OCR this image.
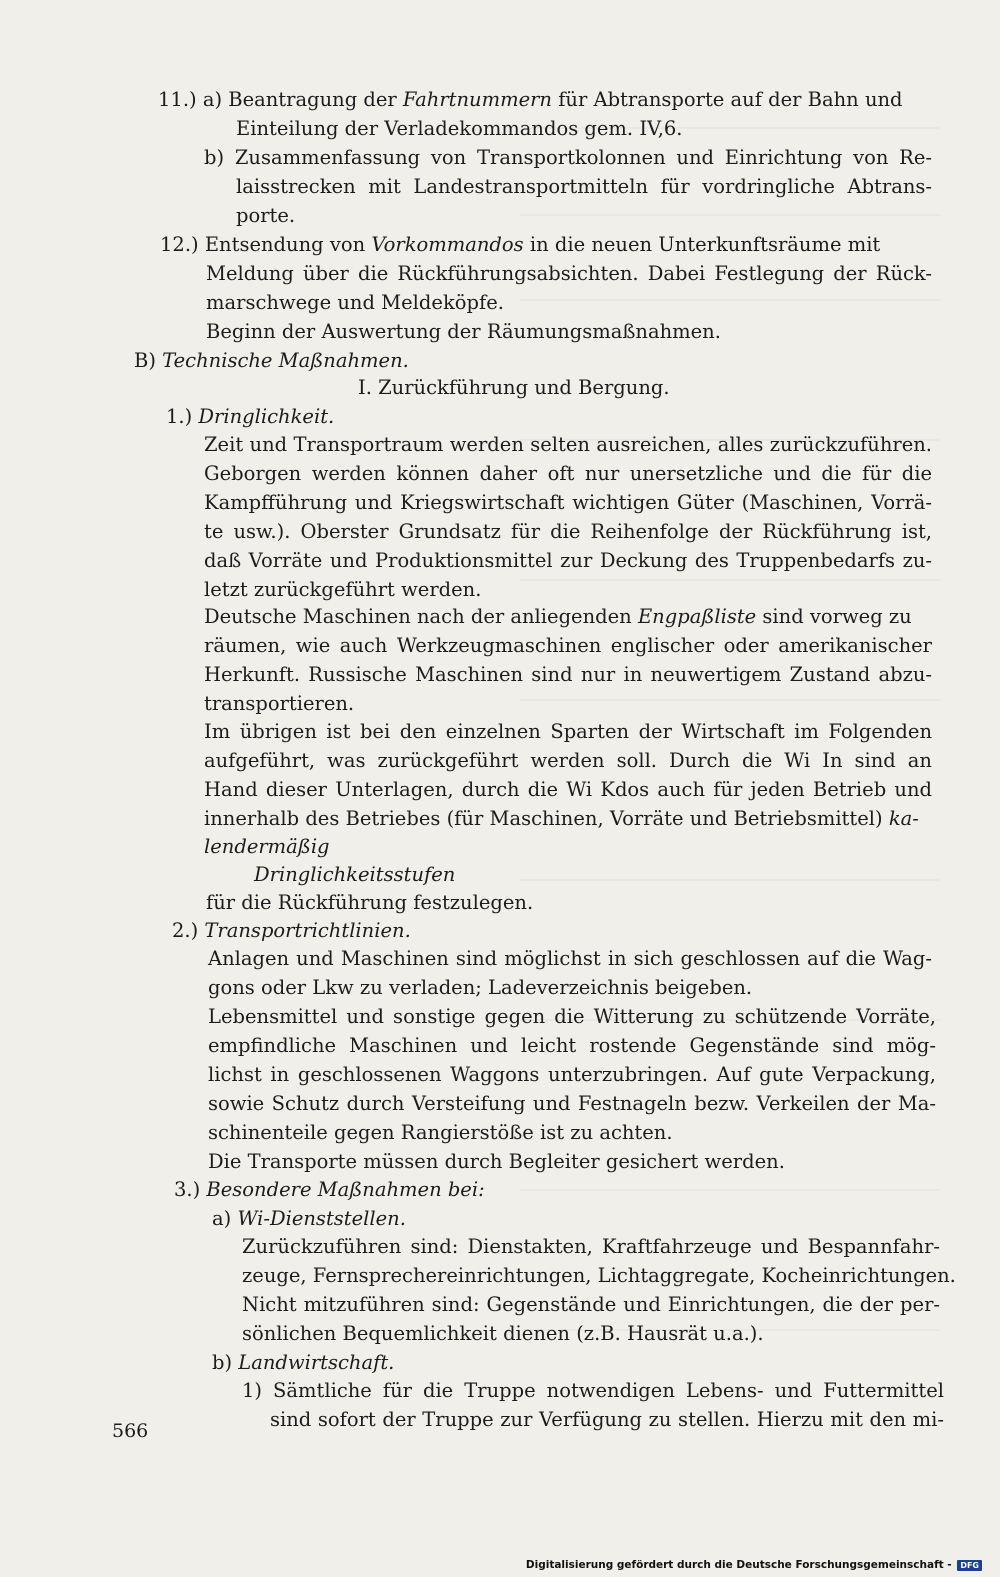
11.) a) Beantragung der Fahrtnummern für Abtransporte auf der Bahn und
Einteilung der Verladekommandos gem. IV,6.
b) Zusammenfassung von Transportkolonnen und Einrichtung von Re-
laisstrecken mit Landestransportmitteln für vordringliche Abtrans-
porte.
12.) Entsendung von Vorkommandos in die neuen Unterkunftsräume mit
Meldung über die Rückführungsabsichten. Dabei Festlegung der Rück-
marschwege und Meldeköpfe.
Beginn der Auswertung der Räumungsmaßnahmen.
B) Technische Maßnahmen.
I. Zurückführung und Bergung.
1.) Dringlichkeit.
Zeit und Transportraum werden selten ausreichen, alles zurückzuführen.
Geborgen werden können daher oft nur unersetzliche und die für die
Kampfführung und Kriegswirtschaft wichtigen Güter (Maschinen, Vorrä-
te usw.). Oberster Grundsatz für die Reihenfolge der Rückführung ist,
daß Vorräte und Produktionsmittel zur Deckung des Truppenbedarfs zu-
letzt zurückgeführt werden.
Deutsche Maschinen nach der anliegenden Engpaßliste sind vorweg zu
räumen, wie auch Werkzeugmaschinen englischer oder amerikanischer
Herkunft. Russische Maschinen sind nur in neuwertigem Zustand abzu-
transportieren.
Im übrigen ist bei den einzelnen Sparten der Wirtschaft im Folgenden
aufgeführt, was zurückgeführt werden soll. Durch die Wi In sind an
Hand dieser Unterlagen, durch die Wi Kdos auch für jeden Betrieb und
innerhalb des Betriebes (für Maschinen, Vorräte und Betriebsmittel) ka-
lendermäßig
Dringlichkeitsstufen
für die Rückführung festzulegen.
2.) Transportrichtlinien.
Anlagen und Maschinen sind möglichst in sich geschlossen auf die Wag-
gons oder Lkw zu verladen; Ladeverzeichnis beigeben.
Lebensmittel und sonstige gegen die Witterung zu schützende Vorräte,
empfindliche Maschinen und leicht rostende Gegenstände sind mög-
lichst in geschlossenen Waggons unterzubringen. Auf gute Verpackung,
sowie Schutz durch Versteifung und Festnageln bezw. Verkeilen der Ma-
schinenteile gegen Rangierstöße ist zu achten.
Die Transporte müssen durch Begleiter gesichert werden.
3.) Besondere Maßnahmen bei:
a) Wi-Dienststellen.
Zurückzuführen sind: Dienstakten, Kraftfahrzeuge und Bespannfahr-
zeuge, Fernsprechereinrichtungen, Lichtaggregate, Kocheinrichtungen.
Nicht mitzuführen sind: Gegenstände und Einrichtungen, die der per-
sönlichen Bequemlichkeit dienen (z.B. Hausrät u.a.).
b) Landwirtschaft.
1) Sämtliche für die Truppe notwendigen Lebens- und Futtermittel
sind sofort der Truppe zur Verfügung zu stellen. Hierzu mit den mi-
566
Digitalisierung gefördert durch die Deutsche Forschungsgemeinschaft - DFG
